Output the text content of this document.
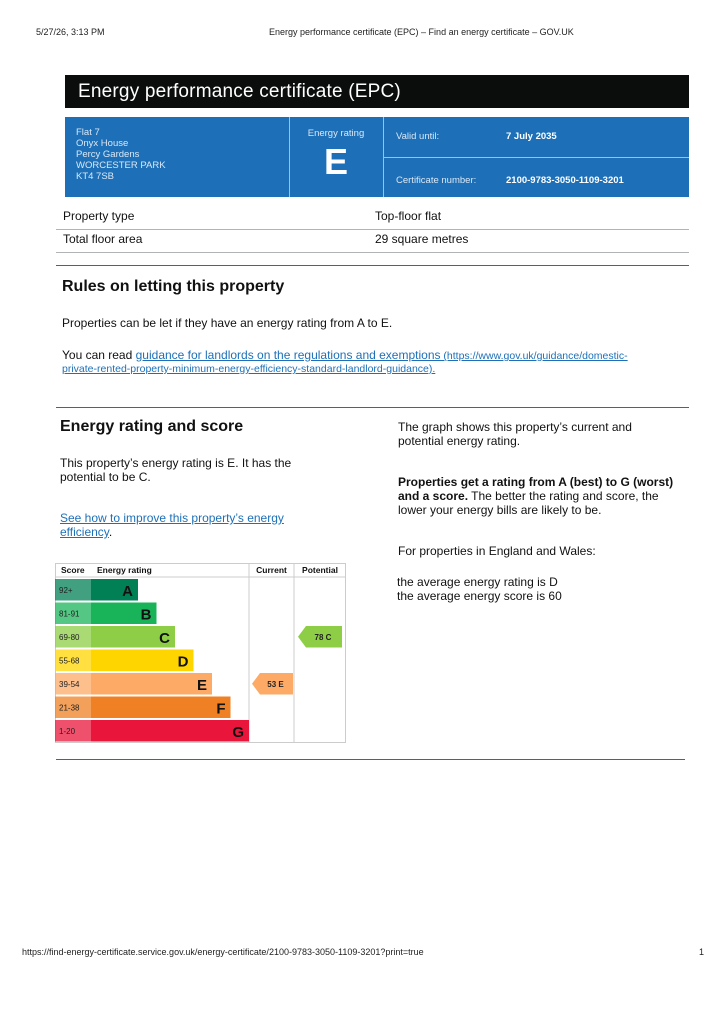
5/27/26, 3:13 PM	Energy performance certificate (EPC) – Find an energy certificate – GOV.UK
Energy performance certificate (EPC)
Flat 7
Onyx House
Percy Gardens
WORCESTER PARK
KT4 7SB
Energy rating
E
Valid until:	7 July 2035
Certificate number:	2100-9783-3050-1109-3201
Property type	Top-floor flat
Total floor area	29 square metres
Rules on letting this property
Properties can be let if they have an energy rating from A to E.
You can read guidance for landlords on the regulations and exemptions (https://www.gov.uk/guidance/domestic-
private-rented-property-minimum-energy-efficiency-standard-landlord-guidance).
Energy rating and score
This property’s energy rating is E. It has the
potential to be C.
See how to improve this property’s energy
efficiency.
The graph shows this property’s current and
potential energy rating.
Properties get a rating from A (best) to G (worst)
and a score. The better the rating and score, the
lower your energy bills are likely to be.
For properties in England and Wales:
the average energy rating is D
the average energy score is 60
Score Energy rating	Current Potential
92+	A
81-91	B
69-80	C
55-68	D
39-54	E
21-38	F
1-20	G
53 E
78 C
https://find-energy-certificate.service.gov.uk/energy-certificate/2100-9783-3050-1109-3201?print=true	1
